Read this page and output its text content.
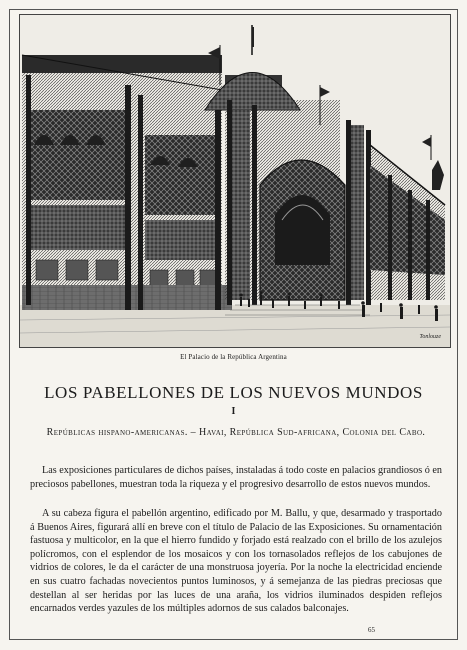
Tonlouze
El Palacio de la República Argentina
LOS PABELLONES DE LOS NUEVOS MUNDOS
I
Repúblicas hispano-americanas. – Havai, República Sud-africana, Colonia del Cabo.

Las exposiciones particulares de dichos países, instaladas á todo coste en palacios grandiosos ó en preciosos pabellones, muestran toda la riqueza y el progresivo desarrollo de estos nuevos mundos.

A su cabeza figura el pabellón argentino, edificado por M. Ballu, y que, desarmado y trasportado á Buenos Aires, figurará allí en breve con el título de Palacio de las Exposiciones. Su ornamentación fastuosa y multicolor, en la que el hierro fundido y forjado está realzado con el brillo de los azulejos polícromos, con el esplendor de los mosaicos y con los tornasolados reflejos de los cabujones de vidrios de colores, le da el carácter de una monstruosa joyería. Por la noche la electricidad enciende en sus cuatro fachadas novecientos puntos luminosos, y á semejanza de las piedras preciosas que destellan al ser heridas por las luces de una araña, los vidrios iluminados despiden reflejos encarnados verdes yazules de los múltiples adornos de sus calados balconajes.

65
